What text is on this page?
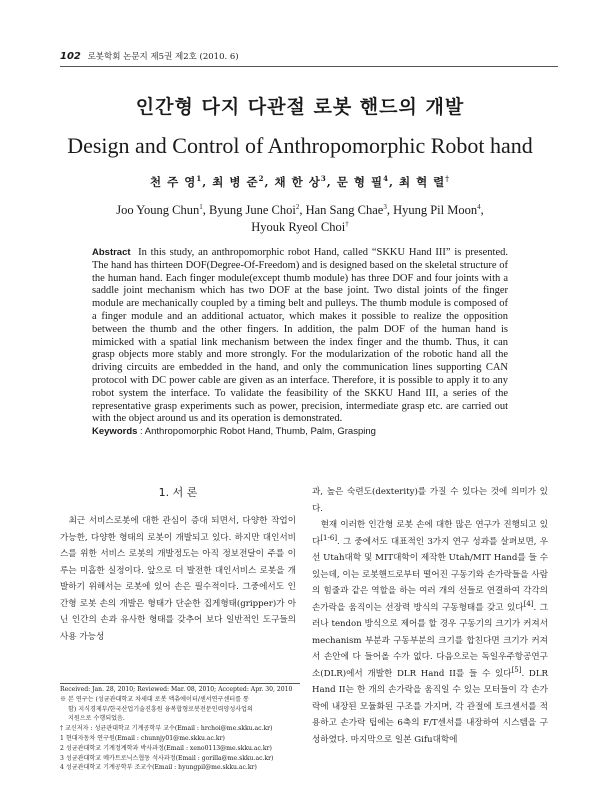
102 로봇학회 논문지 제5권 제2호 (2010. 6)
인간형 다지 다관절 로봇 핸드의 개발
Design and Control of Anthropomorphic Robot hand
천 주 영$^1$, 최 병 준$^2$, 채 한 상$^3$, 문 형 필$^4$, 최 혁 렬†
Joo Young Chun$^1$, Byung June Choi$^2$, Han Sang Chae$^3$, Hyung Pil Moon$^4$,
Hyouk Ryeol Choi†
Abstract In this study, an anthropomorphic robot Hand, called “SKKU Hand III” is presented. The hand has thirteen DOF(Degree-Of-Freedom) and is designed based on the skeletal structure of the human hand. Each finger module(except thumb module) has three DOF and four joints with a saddle joint mechanism which has two DOF at the base joint. Two distal joints of the finger module are mechanically coupled by a timing belt and pulleys. The thumb module is composed of a finger module and an additional actuator, which makes it possible to realize the opposition between the thumb and the other fingers. In addition, the palm DOF of the human hand is mimicked with a spatial link mechanism between the index finger and the thumb. Thus, it can grasp objects more stably and more strongly. For the modularization of the robotic hand all the driving circuits are embedded in the hand, and only the communication lines supporting CAN protocol with DC power cable are given as an interface. Therefore, it is possible to apply it to any robot system the interface. To validate the feasibility of the SKKU Hand III, a series of the representative grasp experiments such as power, precision, intermediate grasp etc. are carried out with the object around us and its operation is demonstrated.
Keywords : Anthropomorphic Robot Hand, Thumb, Palm, Grasping
1. 서 론

최근 서비스로봇에 대한 관심이 증대 되면서, 다양한 작업이 가능한, 다양한 형태의 로봇이 개발되고 있다. 하지만 대인서비스를 위한 서비스 로봇의 개발정도는 아직 정보전달이 주를 이루는 미흡한 실정이다. 앞으로 더 발전한 대인서비스 로봇을 개발하기 위해서는 로봇에 있어 손은 필수적이다. 그중에서도 인간형 로봇 손의 개발은 형태가 단순한 집게형태(gripper)가 아닌 인간의 손과 유사한 형태를 갖추어 보다 일반적인 도구들의 사용 가능성

과, 높은 숙련도(dexterity)를 가질 수 있다는 것에 의미가 있다.

현재 이러한 인간형 로봇 손에 대한 많은 연구가 진행되고 있다[1-6]. 그 중에서도 대표적인 3가지 연구 성과를 살펴보면, 우선 Utah대학 및 MIT대학이 제작한 Utah/MIT Hand를 들 수 있는데, 이는 로봇핸드로부터 떨어진 구동기와 손가락들을 사람의 힘줄과 같은 역할을 하는 여러 개의 선들로 연결하여 각각의 손가락을 움직이는 선장력 방식의 구동형태를 갖고 있다[4]. 그러나 tendon 방식으로 제어를 할 경우 구동기의 크기가 커져서 mechanism 부분과 구동부분의 크기를 합친다면 크기가 커져서 손안에 다 들어올 수가 없다. 다음으로는 독일우주항공연구소(DLR)에서 개발한 DLR Hand II를 들 수 있다[5]. DLR Hand II는 한 개의 손가락을 움직일 수 있는 모터들이 각 손가락에 내장된 모듈화된 구조를 가지며, 각 관절에 토크센서를 적용하고 손가락 팁에는 6축의 F/T센서를 내장하여 시스템을 구성하였다. 마지막으로 일본 Gifu대학에

Received: Jan. 28, 2010; Reviewed: Mar. 08, 2010; Accepted: Apr. 30, 2010
※ 본 연구는 (성균관대학교 차세대 로봇 액츄에이터/센서연구센터를 통
함) 지식경제부/한국산업기술진흥원 융복합형로봇전문인력양성사업의
지원으로 수행되었음.
† 교신저자 : 성균관대학교 기계공학부 교수(Email : hrchoi@me.skku.ac.kr)
1 현대자동차 연구원(Email : chunnjy01@me.skku.ac.kr)
2 성균관대학교 기계정계학과 박사과정(Email : xeno0113@me.skku.ac.kr)
3 성균관대학교 메카트로닉스협동 석사과정(Email : gorilla@me.skku.ac.kr)
4 성균관대학교 기계공학부 조교수(Email : hyungpil@me.skku.ac.kr)
